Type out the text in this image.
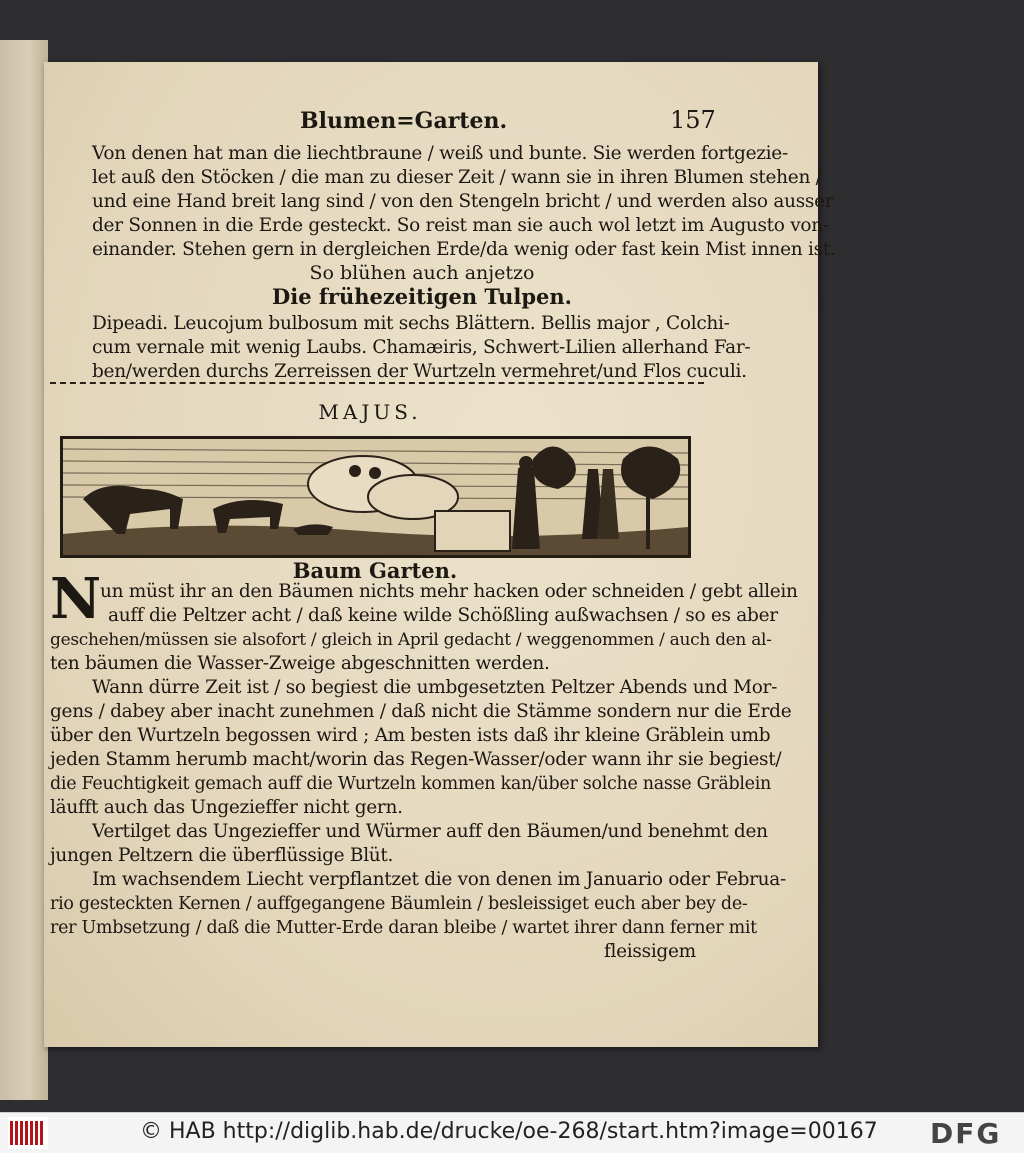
Blumen=Garten.	157
Von denen hat man die liechtbraune / weiß und bunte. Sie werden fortgezie-
let auß den Stöcken / die man zu dieser Zeit / wann sie in ihren Blumen stehen /
und eine Hand breit lang sind / von den Stengeln bricht / und werden also ausser
der Sonnen in die Erde gesteckt. So reist man sie auch wol letzt im Augusto von-
einander. Stehen gern in dergleichen Erde/da wenig oder fast kein Mist innen ist.
So blühen auch anjetzo
Die frühezeitigen Tulpen.
Dipeadi. Leucojum bulbosum mit sechs Blättern. Bellis major , Colchi-
cum vernale mit wenig Laubs. Chamæiris, Schwert-Lilien allerhand Far-
ben/werden durchs Zerreissen der Wurtzeln vermehret/und Flos cuculi.
MAJUS.
Baum Garten.
N
un müst ihr an den Bäumen nichts mehr hacken oder schneiden / gebt allein
auff die Peltzer acht / daß keine wilde Schößling außwachsen / so es aber
geschehen/müssen sie alsofort / gleich in April gedacht / weggenommen / auch den al-
ten bäumen die Wasser-Zweige abgeschnitten werden.
Wann dürre Zeit ist / so begiest die umbgesetzten Peltzer Abends und Mor-
gens / dabey aber inacht zunehmen / daß nicht die Stämme sondern nur die Erde
über den Wurtzeln begossen wird ; Am besten ists daß ihr kleine Gräblein umb
jeden Stamm herumb macht/worin das Regen-Wasser/oder wann ihr sie begiest/
die Feuchtigkeit gemach auff die Wurtzeln kommen kan/über solche nasse Gräblein
läufft auch das Ungezieffer nicht gern.
Vertilget das Ungezieffer und Würmer auff den Bäumen/und benehmt den
jungen Peltzern die überflüssige Blüt.
Im wachsendem Liecht verpflantzet die von denen im Januario oder Februa-
rio gesteckten Kernen / auffgegangene Bäumlein / besleissiget euch aber bey de-
rer Umbsetzung / daß die Mutter-Erde daran bleibe / wartet ihrer dann ferner mit
fleissigem
© HAB http://diglib.hab.de/drucke/oe-268/start.htm?image=00167 DFG
